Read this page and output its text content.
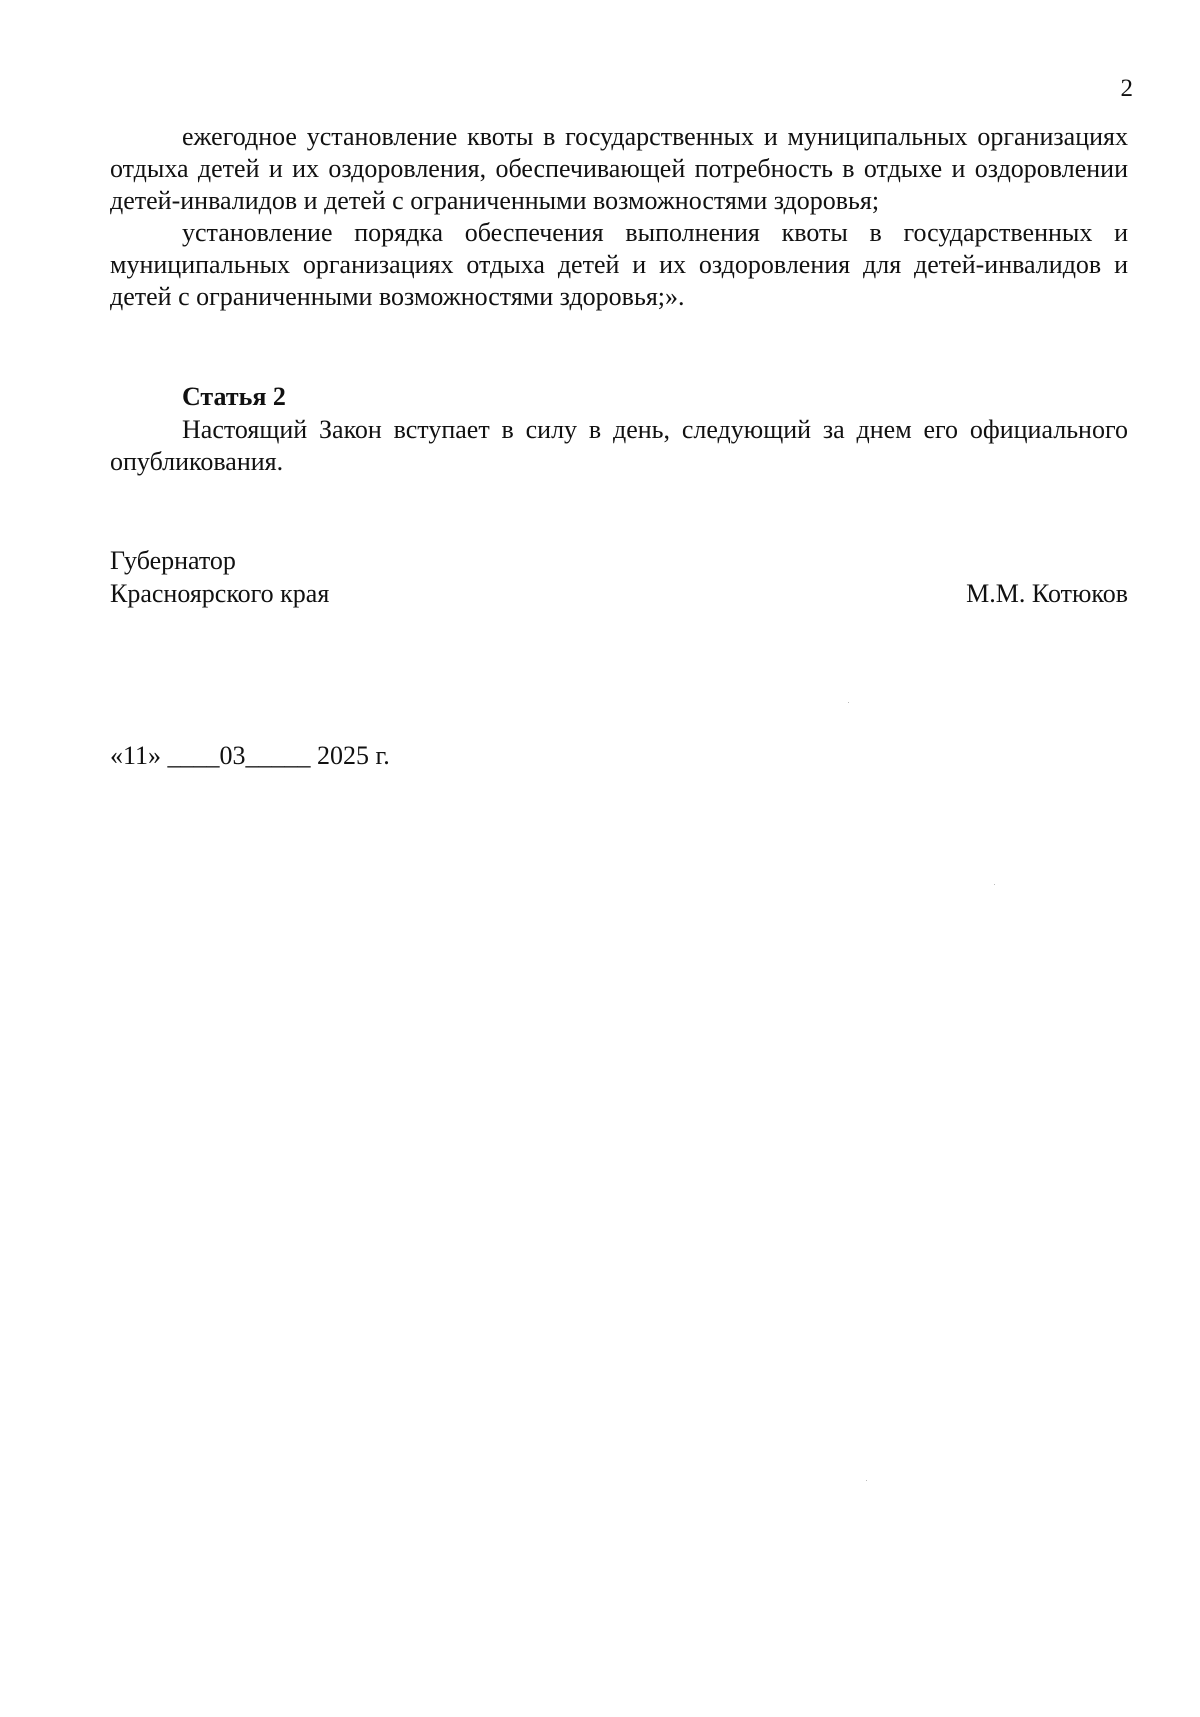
2

ежегодное установление квоты в государственных и муниципальных организациях отдыха детей и их оздоровления, обеспечивающей потребность в отдыхе и оздоровлении детей-инвалидов и детей с ограниченными возможностями здоровья;

установление порядка обеспечения выполнения квоты в государственных и муниципальных организациях отдыха детей и их оздоровления для детей-инвалидов и детей с ограниченными возможностями здоровья;».

Статья 2

Настоящий Закон вступает в силу в день, следующий за днем его официального опубликования.

Губернатор
Красноярского края	М.М. Котюков
«11» ____03_____ 2025 г.
